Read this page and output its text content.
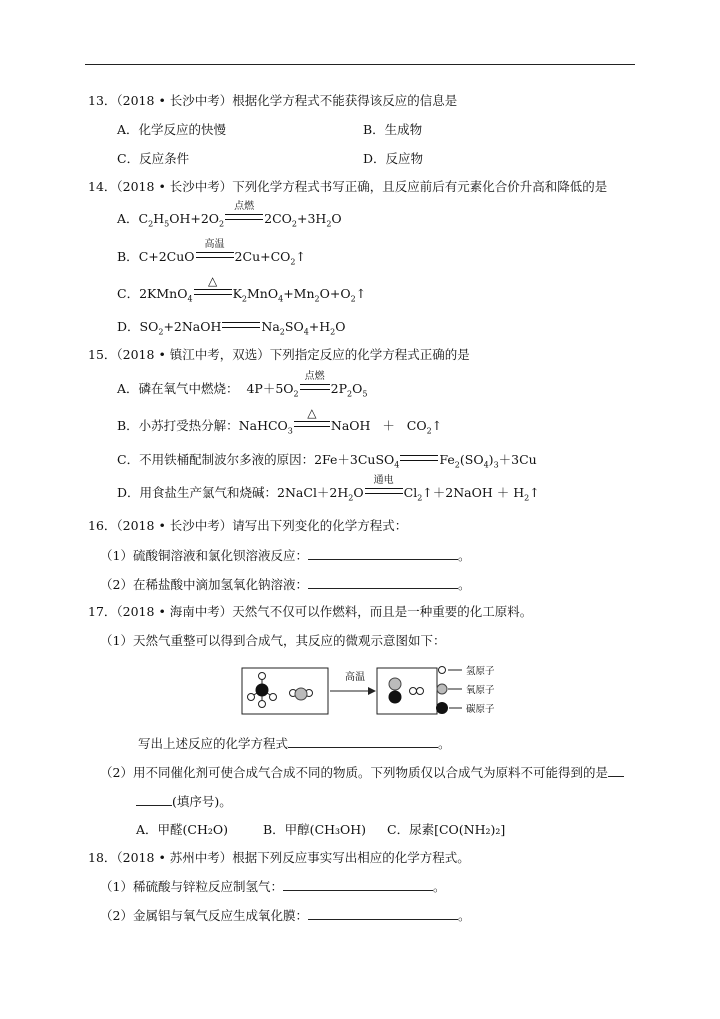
13．（2018 • 长沙中考）根据化学方程式不能获得该反应的信息是
A．化学反应的快慢	B．生成物
C．反应条件	D．反应物
14．（2018 • 长沙中考）下列化学方程式书写正确，且反应前后有元素化合价升高和降低的是
A．$C_2H_5OH+2O_2$
点燃
$2CO_2+3H_2O$
B．C+2CuO
高温
$2Cu+CO_2↑$
C．2KMnO$_4$
△
$K_2MnO_4+Mn_2O+O_2↑$
D．$SO_2+2NaOH$	$Na_2SO_4+H_2O$
15．（2018 • 镇江中考，双选）下列指定反应的化学方程式正确的是
A．磷在氧气中燃烧：  $4P+5O_2$
点燃
$2P_2O_5$
B．小苏打受热分解：NaHCO$_3$
△
NaOH   ＋   $CO_2↑$
C．不用铁桶配制波尔多液的原因：2Fe＋3CuSO$_4$	$Fe_2(SO_4)_3+3Cu$
D．用食盐生产氯气和烧碱：$2NaCl+2H_2O$
通电
$Cl_2↑+2NaOH$ ＋ $H_2↑$
16．（2018 • 长沙中考）请写出下列变化的化学方程式：
（1）硫酸铜溶液和氯化钡溶液反应：	。
（2）在稀盐酸中滴加氢氧化钠溶液：	。
17．（2018 • 海南中考）天然气不仅可以作燃料，而且是一种重要的化工原料。
（1）天然气重整可以得到合成气，其反应的微观示意图如下：
高温
氢原子
氧原子
碳原子
写出上述反应的化学方程式	。
（2）用不同催化剂可使合成气合成不同的物质。下列物质仅以合成气为原料不可能得到的是
(填序号)。
A．甲醛(CH₂O)	B．甲醇(CH₃OH) C．尿素[CO(NH₂)₂]
18．（2018 • 苏州中考）根据下列反应事实写出相应的化学方程式。
（1）稀硫酸与锌粒反应制氢气：	。
（2）金属铝与氧气反应生成氧化膜：	。
